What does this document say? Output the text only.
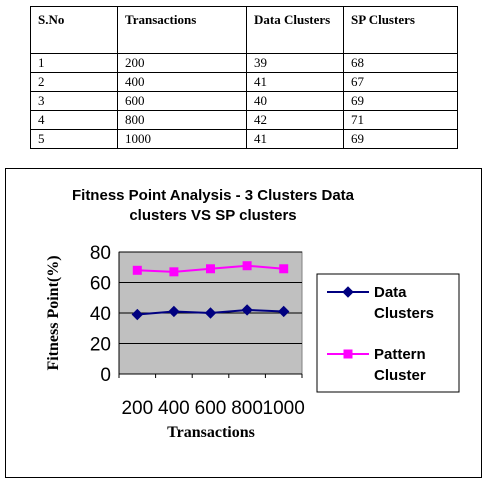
S.No	Transactions	Data Clusters	SP Clusters
1	200	39	68
2	400	41	67
3	600	40	69
4	800	42	71
5	1000	41	69
Fitness Point Analysis - 3 Clusters Data
clusters VS SP clusters
0
20
40
60
80
200 400 600 800 1000
Transactions
Fitness Point(%)	Data
Clusters
Pattern
Cluster
